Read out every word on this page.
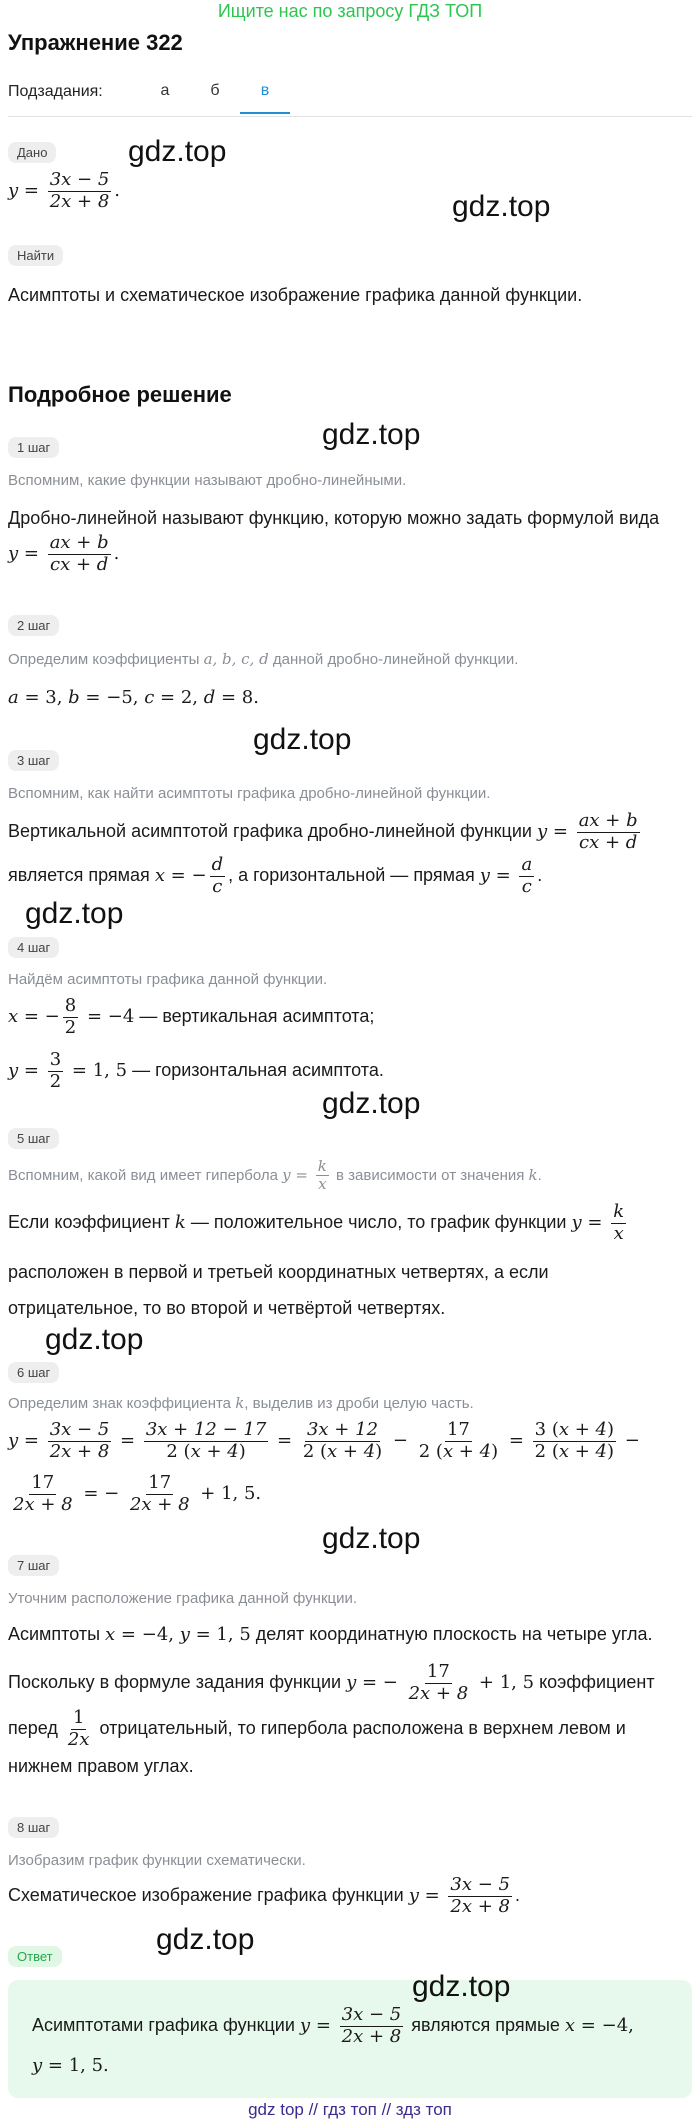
Ищите нас по запросу ГДЗ ТОП
Упражнение 322
Подзадания:	а	б	в
Дано
$y = \frac{3x - 5}{2x + 8}$ .
gdz.top
gdz.top
Найти
Асимптоты и схематическое изображение графика данной функции.
Подробное решение
gdz.top
1 шаг
Вспомним, какие функции называют дробно-линейными.
Дробно-линейной называют функцию, которую можно задать формулой вида
$y = \frac{ax + b}{cx + d}$ .
2 шаг
Определим коэффициенты a, b, c, d данной дробно-линейной функции.
a = 3, b = −5, c = 2, d = 8.
gdz.top
3 шаг
Вспомним, как найти асимптоты графика дробно-линейной функции.
Вертикальной асимптотой графика дробно-линейной функции $y = \frac{ax + b}{cx + d}$
является прямая x = − $\frac{d}{c}$ , а горизонтальной — прямая $y = \frac{a}{c}$ .
gdz.top
4 шаг
Найдём асимптоты графика данной функции.
x = − $\frac{8}{2} = -4$ — вертикальная асимптота;
$y = \frac{3}{2} = 1$, 5 — горизонтальная асимптота.
gdz.top
5 шаг
Вспомним, какой вид имеет гипербола $y = \frac{k}{x}$ в зависимости от значения k.
Если коэффициент k — положительное число, то график функции $y = \frac{k}{x}$
расположен в первой и третьей координатных четвертях, а если
отрицательное, то во второй и четвёртой четвертях.
gdz.top
6 шаг
Определим знак коэффициента k, выделив из дроби целую часть.
$y = \frac{3x - 5}{2x + 8} = \frac{3x + 12 - 17}{2 (x + 4)} = \frac{3x + 12}{2 (x + 4)} - \frac{17}{2 (x + 4)} = \frac{3 (x + 4)}{2 (x + 4)}$ −
$\frac{17}{2x + 8}$ = − $\frac{17}{2x + 8} + 1$, 5.
gdz.top
7 шаг
Уточним расположение графика данной функции.
Асимптоты x = −4, y = 1, 5 делят координатную плоскость на четыре угла.
Поскольку в формуле задания функции y = − $\frac{17}{2x + 8} + 1$, 5 коэффициент
перед $\frac{1}{2x}$ отрицательный, то гипербола расположена в верхнем левом и
нижнем правом углах.
8 шаг
Изобразим график функции схематически.
Схематическое изображение графика функции $y = \frac{3x - 5}{2x + 8}$ .
gdz.top
Ответ
gdz.top
Асимптотами графика функции $y = \frac{3x - 5}{2x + 8}$ являются прямые x = −4,
y = 1, 5.
gdz top // гдз топ // здз топ
